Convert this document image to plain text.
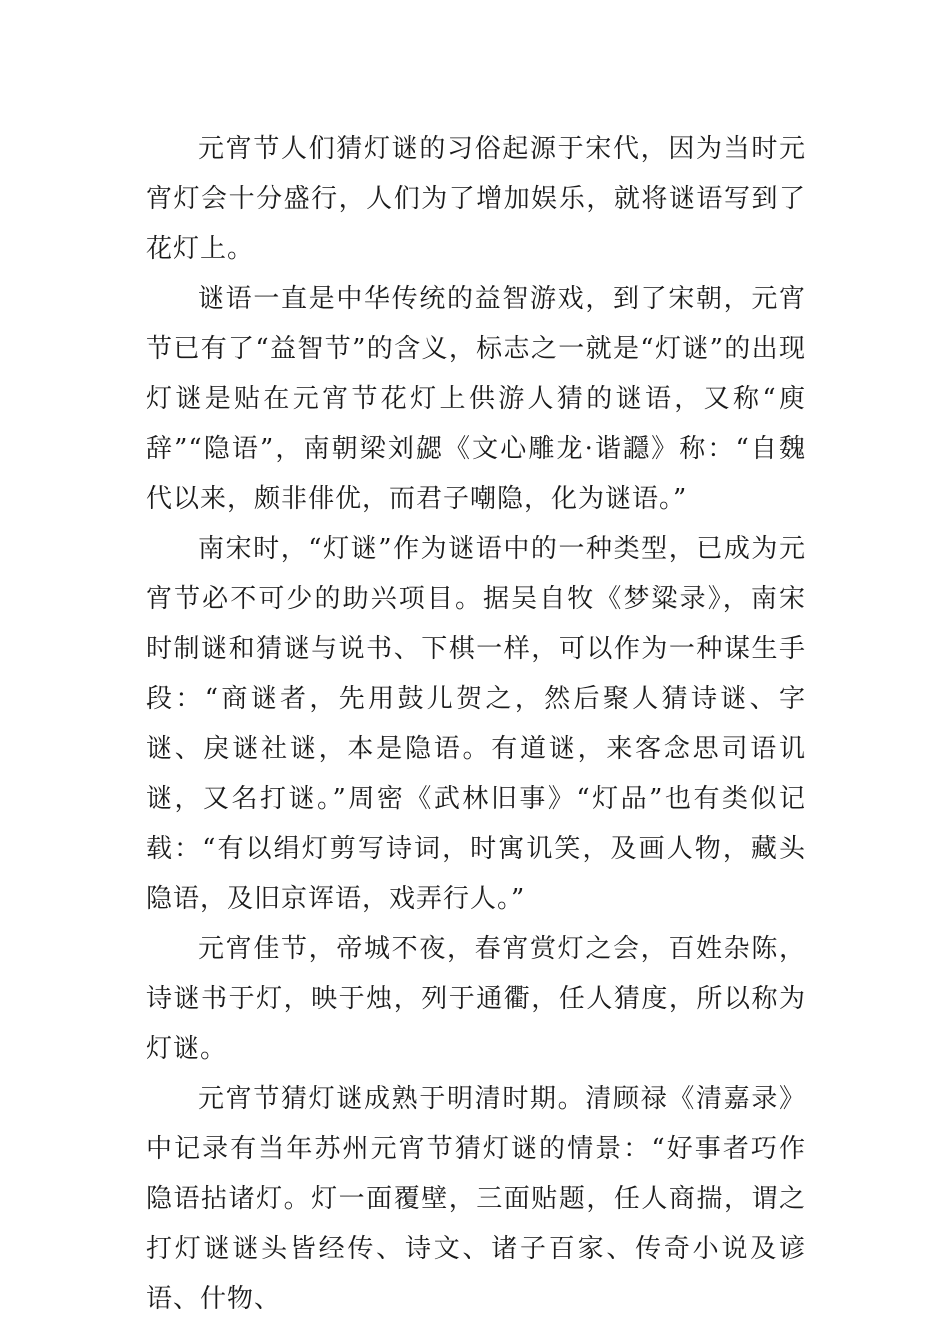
元宵节人们猜灯谜的习俗起源于宋代，因为当时元宵灯会十分盛行，人们为了增加娱乐，就将谜语写到了花灯上。

谜语一直是中华传统的益智游戏，到了宋朝，元宵节已有了“益智节”的含义，标志之一就是“灯谜”的出现灯谜是贴在元宵节花灯上供游人猜的谜语，又称“庾辞”“隐语”，南朝梁刘勰《文心雕龙·谐讔》称：“自魏代以来，颇非俳优，而君子嘲隐，化为谜语。”

南宋时，“灯谜”作为谜语中的一种类型，已成为元宵节必不可少的助兴项目。据吴自牧《梦粱录》，南宋时制谜和猜谜与说书、下棋一样，可以作为一种谋生手段：“商谜者，先用鼓儿贺之，然后聚人猜诗谜、字谜、戾谜社谜，本是隐语。有道谜，来客念思司语讥谜，又名打谜。”周密《武林旧事》“灯品”也有类似记载：“有以绢灯剪写诗词，时寓讥笑，及画人物，藏头隐语，及旧京诨语，戏弄行人。”

元宵佳节，帝城不夜，春宵赏灯之会，百姓杂陈，诗谜书于灯，映于烛，列于通衢，任人猜度，所以称为灯谜。

元宵节猜灯谜成熟于明清时期。清顾禄《清嘉录》中记录有当年苏州元宵节猜灯谜的情景：“好事者巧作隐语拈诸灯。灯一面覆壁，三面贴题，任人商揣，谓之打灯谜谜头皆经传、诗文、诸子百家、传奇小说及谚语、什物、
